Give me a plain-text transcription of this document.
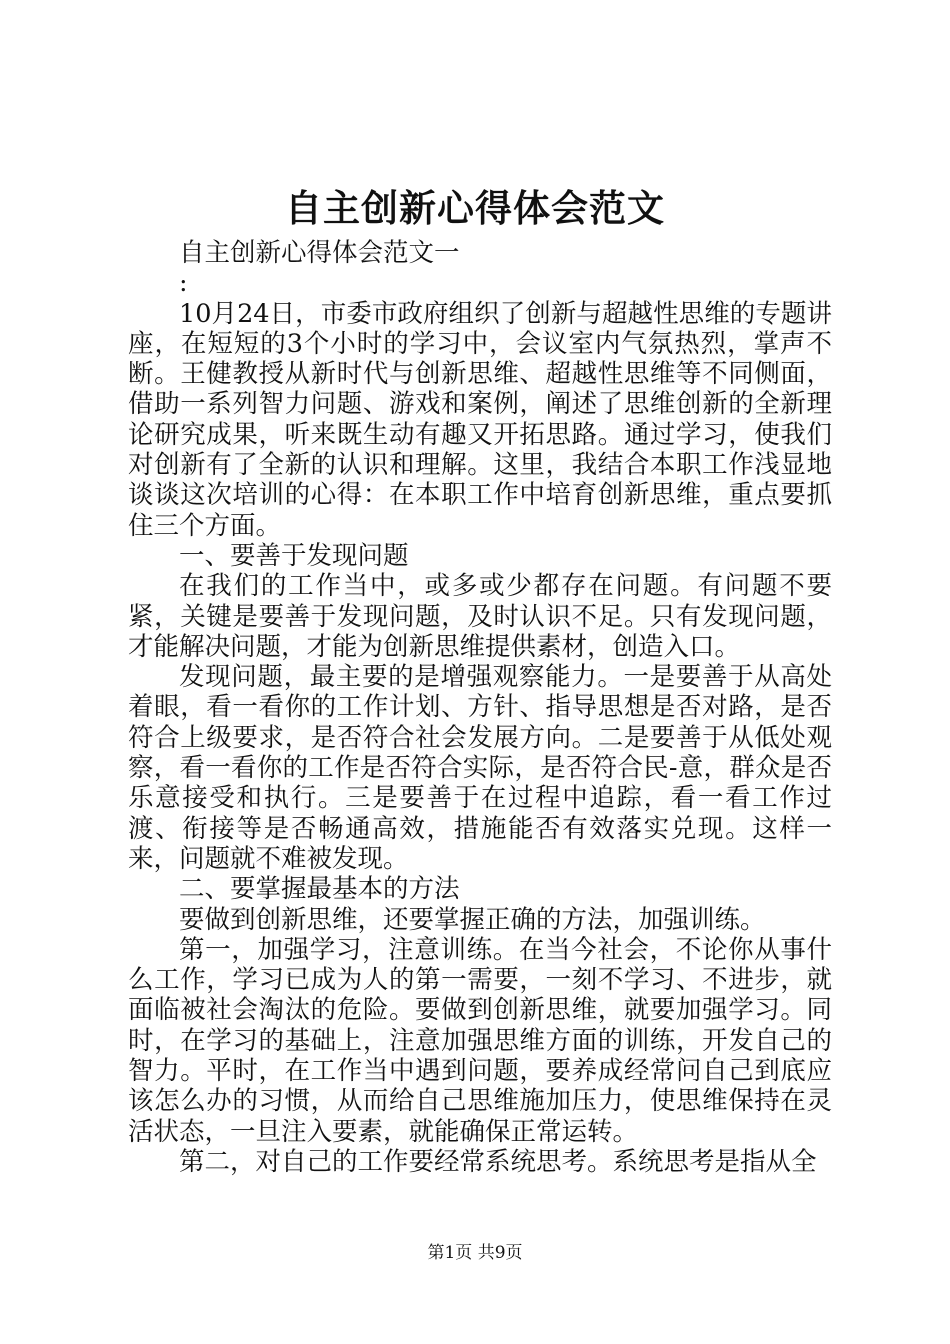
自主创新心得体会范文

自主创新心得体会范文一

:

10月24日，市委市政府组织了创新与超越性思维的专题讲座，在短短的3个小时的学习中，会议室内气氛热烈，掌声不断。王健教授从新时代与创新思维、超越性思维等不同侧面，借助一系列智力问题、游戏和案例，阐述了思维创新的全新理论研究成果，听来既生动有趣又开拓思路。通过学习，使我们对创新有了全新的认识和理解。这里，我结合本职工作浅显地谈谈这次培训的心得：在本职工作中培育创新思维，重点要抓住三个方面。

一、要善于发现问题

在我们的工作当中，或多或少都存在问题。有问题不要紧，关键是要善于发现问题，及时认识不足。只有发现问题，才能解决问题，才能为创新思维提供素材，创造入口。

发现问题，最主要的是增强观察能力。一是要善于从高处着眼，看一看你的工作计划、方针、指导思想是否对路，是否符合上级要求，是否符合社会发展方向。二是要善于从低处观察，看一看你的工作是否符合实际，是否符合民-意，群众是否乐意接受和执行。三是要善于在过程中追踪，看一看工作过渡、衔接等是否畅通高效，措施能否有效落实兑现。这样一来，问题就不难被发现。

二、要掌握最基本的方法

要做到创新思维，还要掌握正确的方法，加强训练。

第一，加强学习，注意训练。在当今社会，不论你从事什么工作，学习已成为人的第一需要，一刻不学习、不进步，就面临被社会淘汰的危险。要做到创新思维，就要加强学习。同时，在学习的基础上，注意加强思维方面的训练，开发自己的智力。平时，在工作当中遇到问题，要养成经常问自己到底应该怎么办的习惯，从而给自己思维施加压力，使思维保持在灵活状态，一旦注入要素，就能确保正常运转。

第二，对自己的工作要经常系统思考。系统思考是指从全

第1页 共9页
